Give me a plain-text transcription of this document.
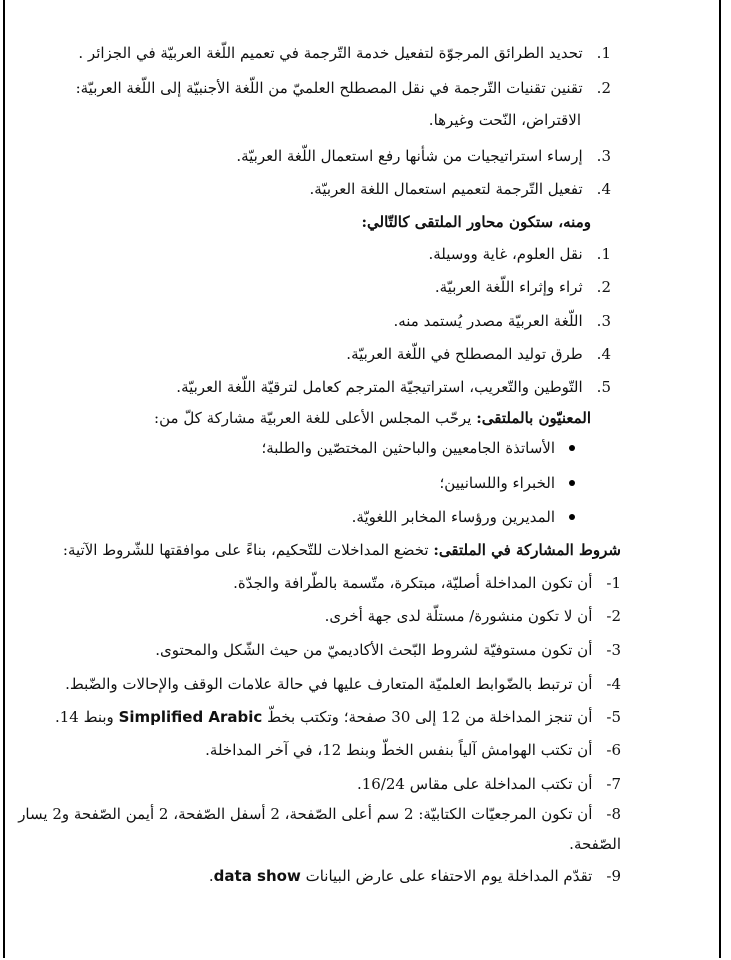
1.تحديد الطرائق المرجوّة لتفعيل خدمة التّرجمة في تعميم اللّغة العربيّة في الجزائر .
2.تقنين تقنيات التّرجمة في نقل المصطلح العلميّ من اللّغة الأجنبيّة إلى اللّغة العربيّة:
الاقتراض، النّحت وغيرها.
3.إرساء استراتيجيات من شأنها رفع استعمال اللّغة العربيّة.
4.تفعيل التّرجمة لتعميم استعمال اللغة العربيّة.
ومنه، ستكون محاور الملتقى كالتّالي:
1.نقل العلوم، غاية ووسيلة.
2.ثراء وإثراء اللّغة العربيّة.
3.اللّغة العربيّة مصدر يُستمد منه.
4.طرق توليد المصطلح في اللّغة العربيّة.
5.التّوطين والتّعريب، استراتيجيّة المترجم كعامل لترقيّة اللّغة العربيّة.
المعنيّون بالملتقى: يرحّب المجلس الأعلى للغة العربيّة مشاركة كلّ من:
الأساتذة الجامعيين والباحثين المختصّين والطلبة؛
الخبراء واللسانيين؛
المديرين ورؤساء المخابر اللغويّة.
شروط المشاركة في الملتقى: تخضع المداخلات للتّحكيم، بناءً على موافقتها للشّروط الآتية:
1-أن تكون المداخلة أصليّة، مبتكرة، متّسمة بالطّرافة والجدّة.
2-أن لا تكون منشورة/ مستلّة لدى جهة أخرى.
3-أن تكون مستوفيّة لشروط البّحث الأكاديميّ من حيث الشّكل والمحتوى.
4-أن ترتبط بالضّوابط العلميّة المتعارف عليها في حالة علامات الوقف والإحالات والضّبط.
5-أن تنجز المداخلة من 12 إلى 30 صفحة؛ وتكتب بخطّ Simplified Arabic وبنط 14.
6-أن تكتب الهوامش آلياً بنفس الخطّ وبنط 12، في آخر المداخلة.
7-أن تكتب المداخلة على مقاس 16/24.
8-أن تكون المرجعيّات الكتابيّة: 2 سم أعلى الصّفحة، 2 أسفل الصّفحة، 2 أيمن الصّفحة و2 يسار
الصّفحة.
9-تقدّم المداخلة يوم الاحتفاء على عارض البيانات data show.
